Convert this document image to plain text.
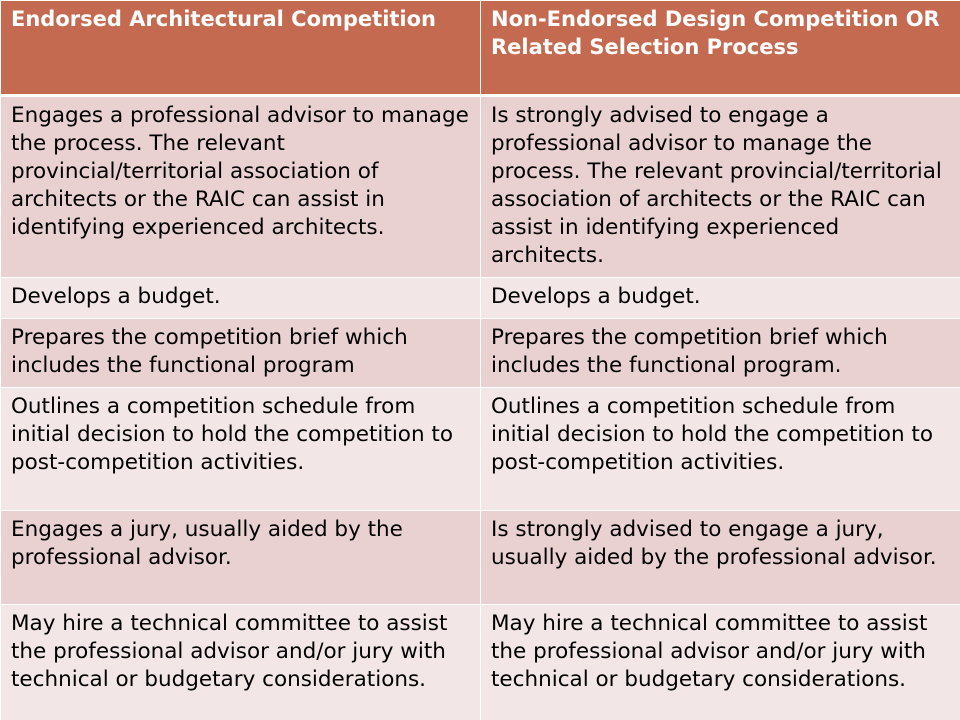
Endorsed Architectural Competition	Non-Endorsed Design Competition OR Related Selection Process
Engages a professional advisor to manage the process. The relevant provincial/territorial association of architects or the RAIC can assist in identifying experienced architects.	Is strongly advised to engage a professional advisor to manage the process. The relevant provincial/territorial association of architects or the RAIC can assist in identifying experienced architects.
Develops a budget.	Develops a budget.
Prepares the competition brief which includes the functional program	Prepares the competition brief which includes the functional program.
Outlines a competition schedule from initial decision to hold the competition to post-competition activities.	Outlines a competition schedule from initial decision to hold the competition to post-competition activities.
Engages a jury, usually aided by the professional advisor.	Is strongly advised to engage a jury, usually aided by the professional advisor.
May hire a technical committee to assist the professional advisor and/or jury with technical or budgetary considerations.	May hire a technical committee to assist the professional advisor and/or jury with technical or budgetary considerations.
